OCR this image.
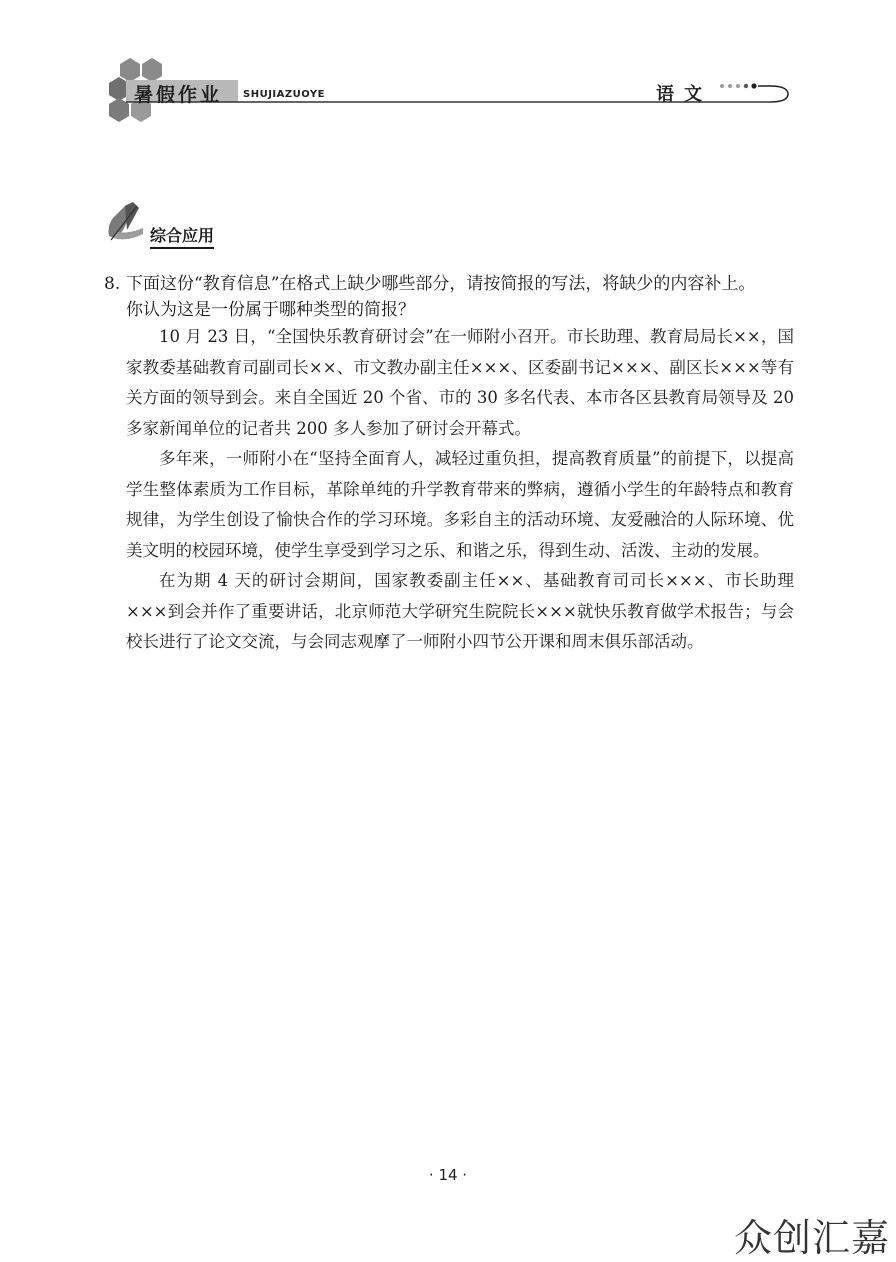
暑假作业 SHUJIAZUOYE	语文
综合应用
8. 下面这份“教育信息”在格式上缺少哪些部分，请按简报的写法，将缺少的内容补上。
你认为这是一份属于哪种类型的简报？

10 月 23 日，“全国快乐教育研讨会”在一师附小召开。市长助理、教育局局长××，国家教委基础教育司副司长××、市文教办副主任×××、区委副书记×××、副区长×××等有关方面的领导到会。来自全国近 20 个省、市的 30 多名代表、本市各区县教育局领导及 20 多家新闻单位的记者共 200 多人参加了研讨会开幕式。

多年来，一师附小在“坚持全面育人，减轻过重负担，提高教育质量”的前提下，以提高学生整体素质为工作目标，革除单纯的升学教育带来的弊病，遵循小学生的年龄特点和教育规律，为学生创设了愉快合作的学习环境。多彩自主的活动环境、友爱融洽的人际环境、优美文明的校园环境，使学生享受到学习之乐、和谐之乐，得到生动、活泼、主动的发展。

在为期 4 天的研讨会期间，国家教委副主任××、基础教育司司长×××、市长助理×××到会并作了重要讲话，北京师范大学研究生院院长×××就快乐教育做学术报告；与会校长进行了论文交流，与会同志观摩了一师附小四节公开课和周末俱乐部活动。

· 14 ·
众创汇嘉
